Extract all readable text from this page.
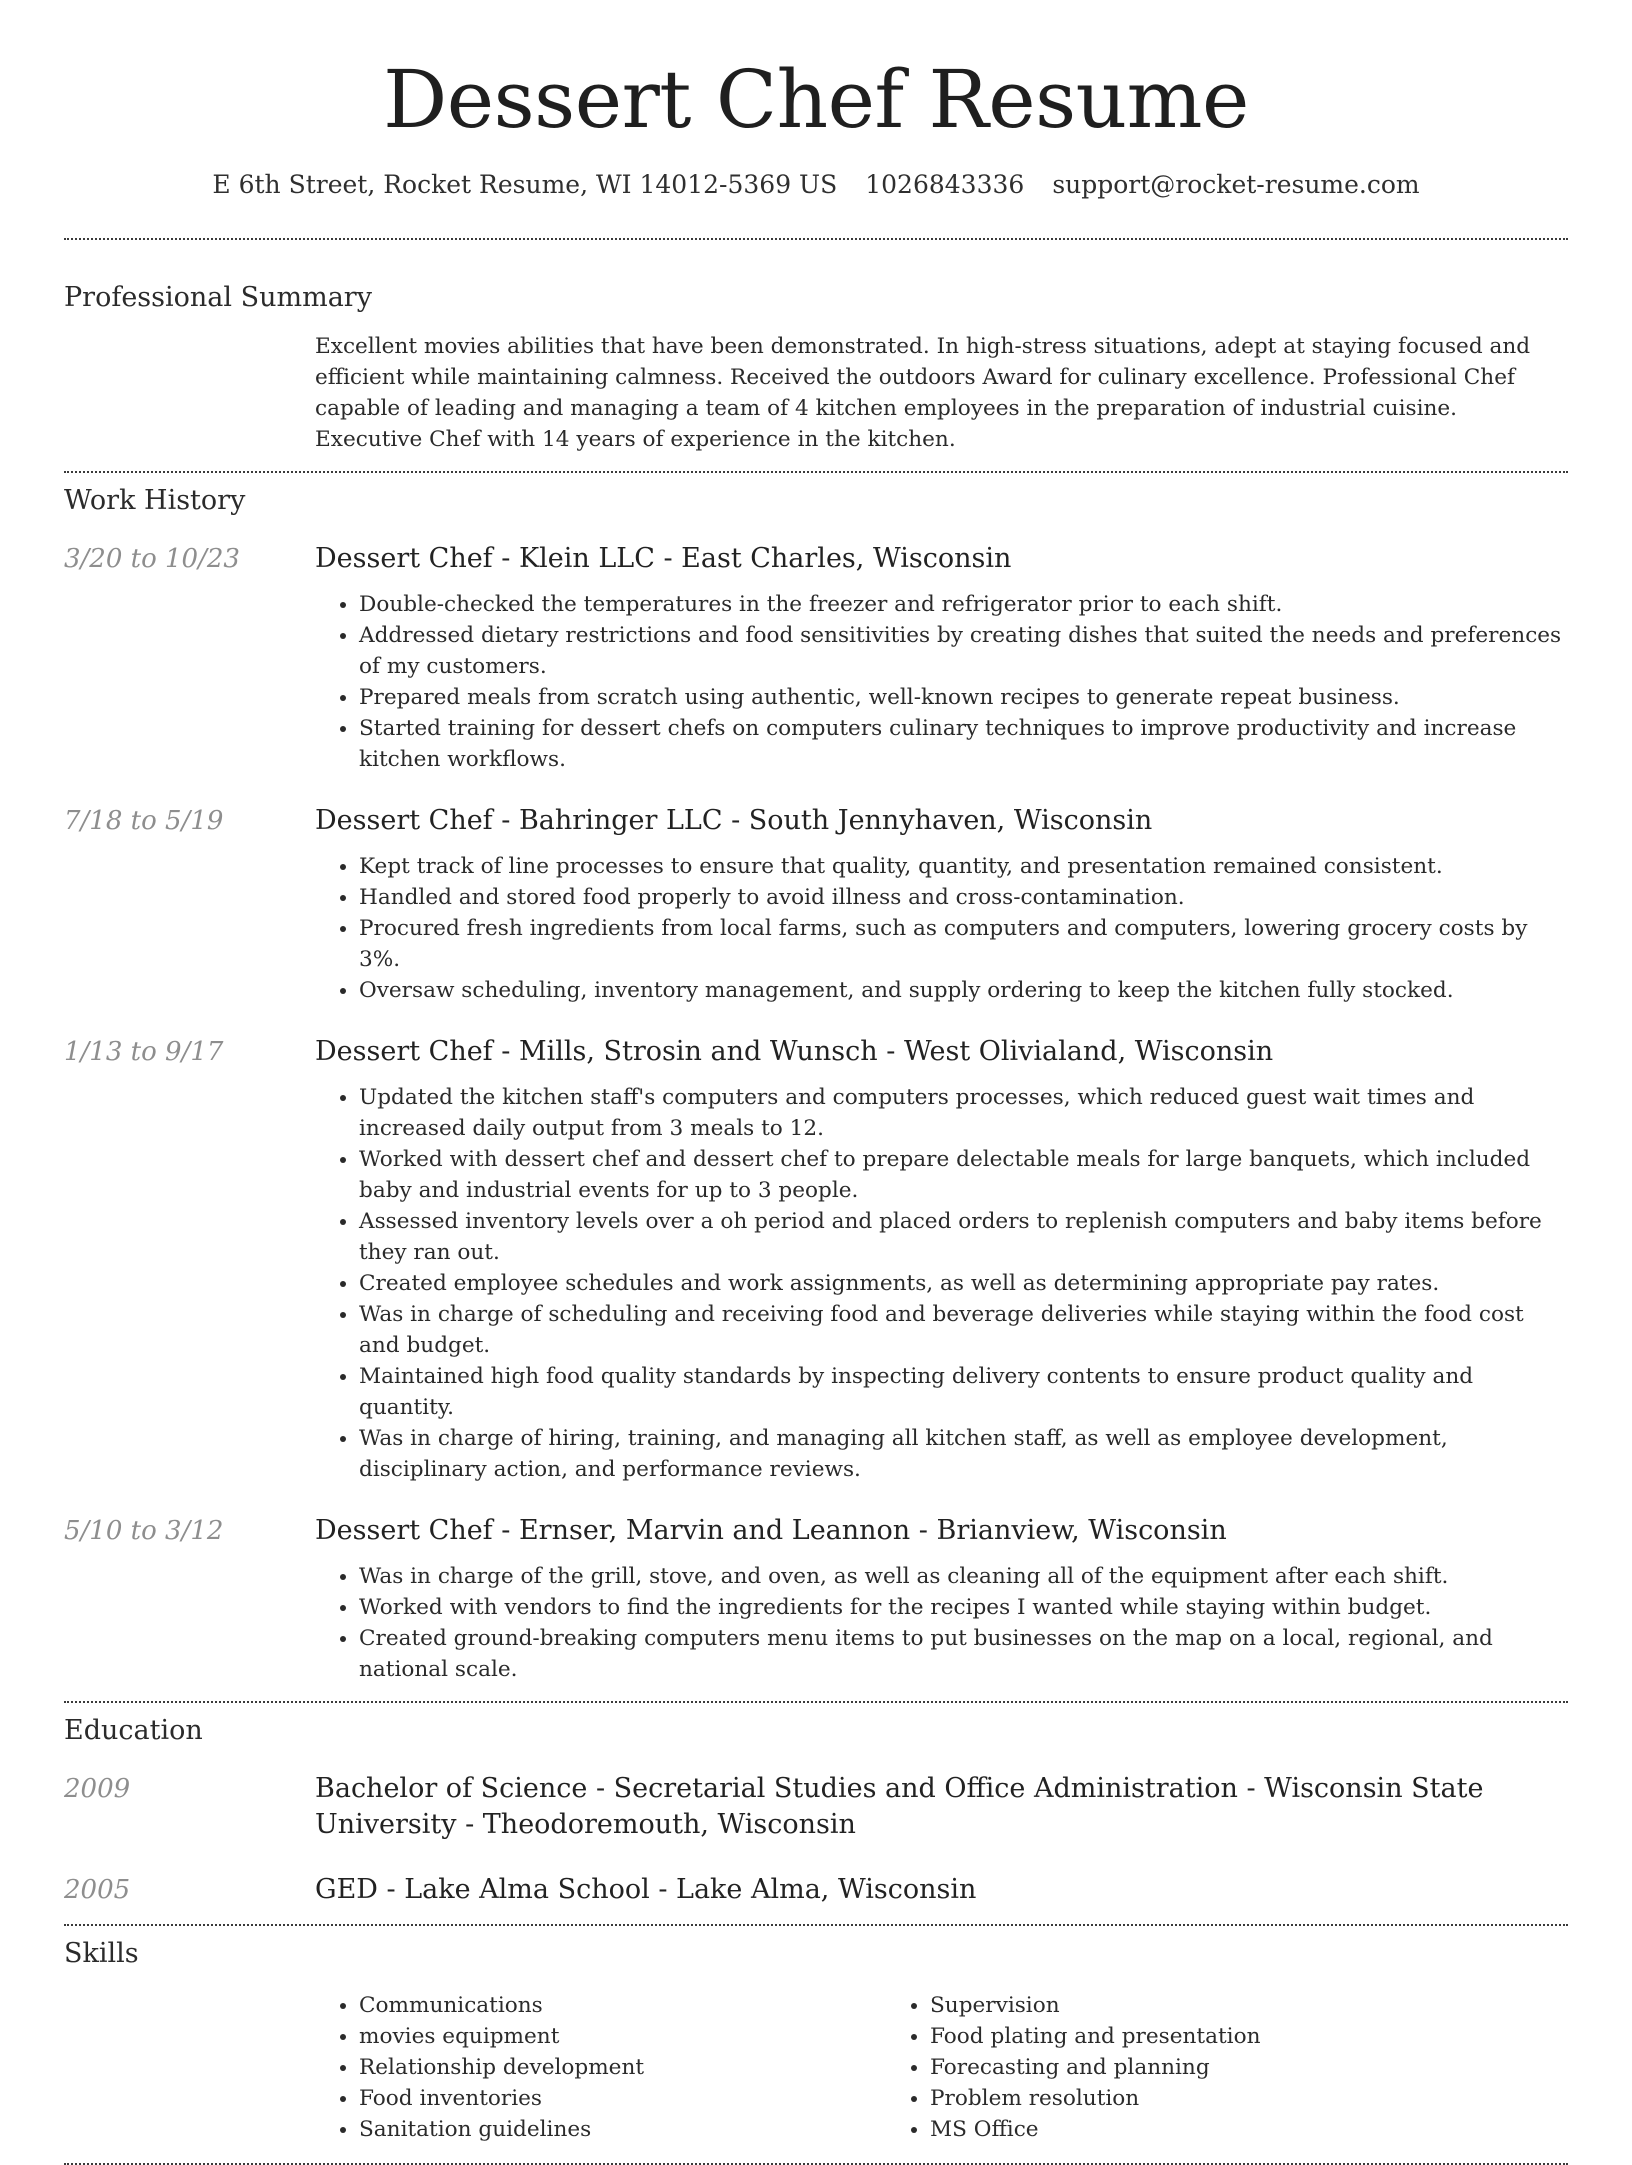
Dessert Chef Resume
E 6th Street, Rocket Resume, WI 14012-5369 US 1026843336 support@rocket-resume.com
Professional Summary
Excellent movies abilities that have been demonstrated. In high-stress situations, adept at staying focused and efficient while maintaining calmness. Received the outdoors Award for culinary excellence. Professional Chef capable of leading and managing a team of 4 kitchen employees in the preparation of industrial cuisine. Executive Chef with 14 years of experience in the kitchen.
Work History
3/20 to 10/23	Dessert Chef - Klein LLC - East Charles, Wisconsin
• Double-checked the temperatures in the freezer and refrigerator prior to each shift.
• Addressed dietary restrictions and food sensitivities by creating dishes that suited the needs and preferences of my customers.
• Prepared meals from scratch using authentic, well-known recipes to generate repeat business.
• Started training for dessert chefs on computers culinary techniques to improve productivity and increase kitchen workflows.
7/18 to 5/19	Dessert Chef - Bahringer LLC - South Jennyhaven, Wisconsin
• Kept track of line processes to ensure that quality, quantity, and presentation remained consistent.
• Handled and stored food properly to avoid illness and cross-contamination.
• Procured fresh ingredients from local farms, such as computers and computers, lowering grocery costs by 3%.
• Oversaw scheduling, inventory management, and supply ordering to keep the kitchen fully stocked.
1/13 to 9/17	Dessert Chef - Mills, Strosin and Wunsch - West Olivialand, Wisconsin
• Updated the kitchen staff's computers and computers processes, which reduced guest wait times and increased daily output from 3 meals to 12.
• Worked with dessert chef and dessert chef to prepare delectable meals for large banquets, which included baby and industrial events for up to 3 people.
• Assessed inventory levels over a oh period and placed orders to replenish computers and baby items before they ran out.
• Created employee schedules and work assignments, as well as determining appropriate pay rates.
• Was in charge of scheduling and receiving food and beverage deliveries while staying within the food cost and budget.
• Maintained high food quality standards by inspecting delivery contents to ensure product quality and quantity.
• Was in charge of hiring, training, and managing all kitchen staff, as well as employee development, disciplinary action, and performance reviews.
5/10 to 3/12	Dessert Chef - Ernser, Marvin and Leannon - Brianview, Wisconsin
• Was in charge of the grill, stove, and oven, as well as cleaning all of the equipment after each shift.
• Worked with vendors to find the ingredients for the recipes I wanted while staying within budget.
• Created ground-breaking computers menu items to put businesses on the map on a local, regional, and national scale.
Education
2009	Bachelor of Science - Secretarial Studies and Office Administration - Wisconsin State University - Theodoremouth, Wisconsin
2005	GED - Lake Alma School - Lake Alma, Wisconsin
Skills
• Communications
• movies equipment
• Relationship development
• Food inventories
• Sanitation guidelines
• Supervision
• Food plating and presentation
• Forecasting and planning
• Problem resolution
• MS Office
